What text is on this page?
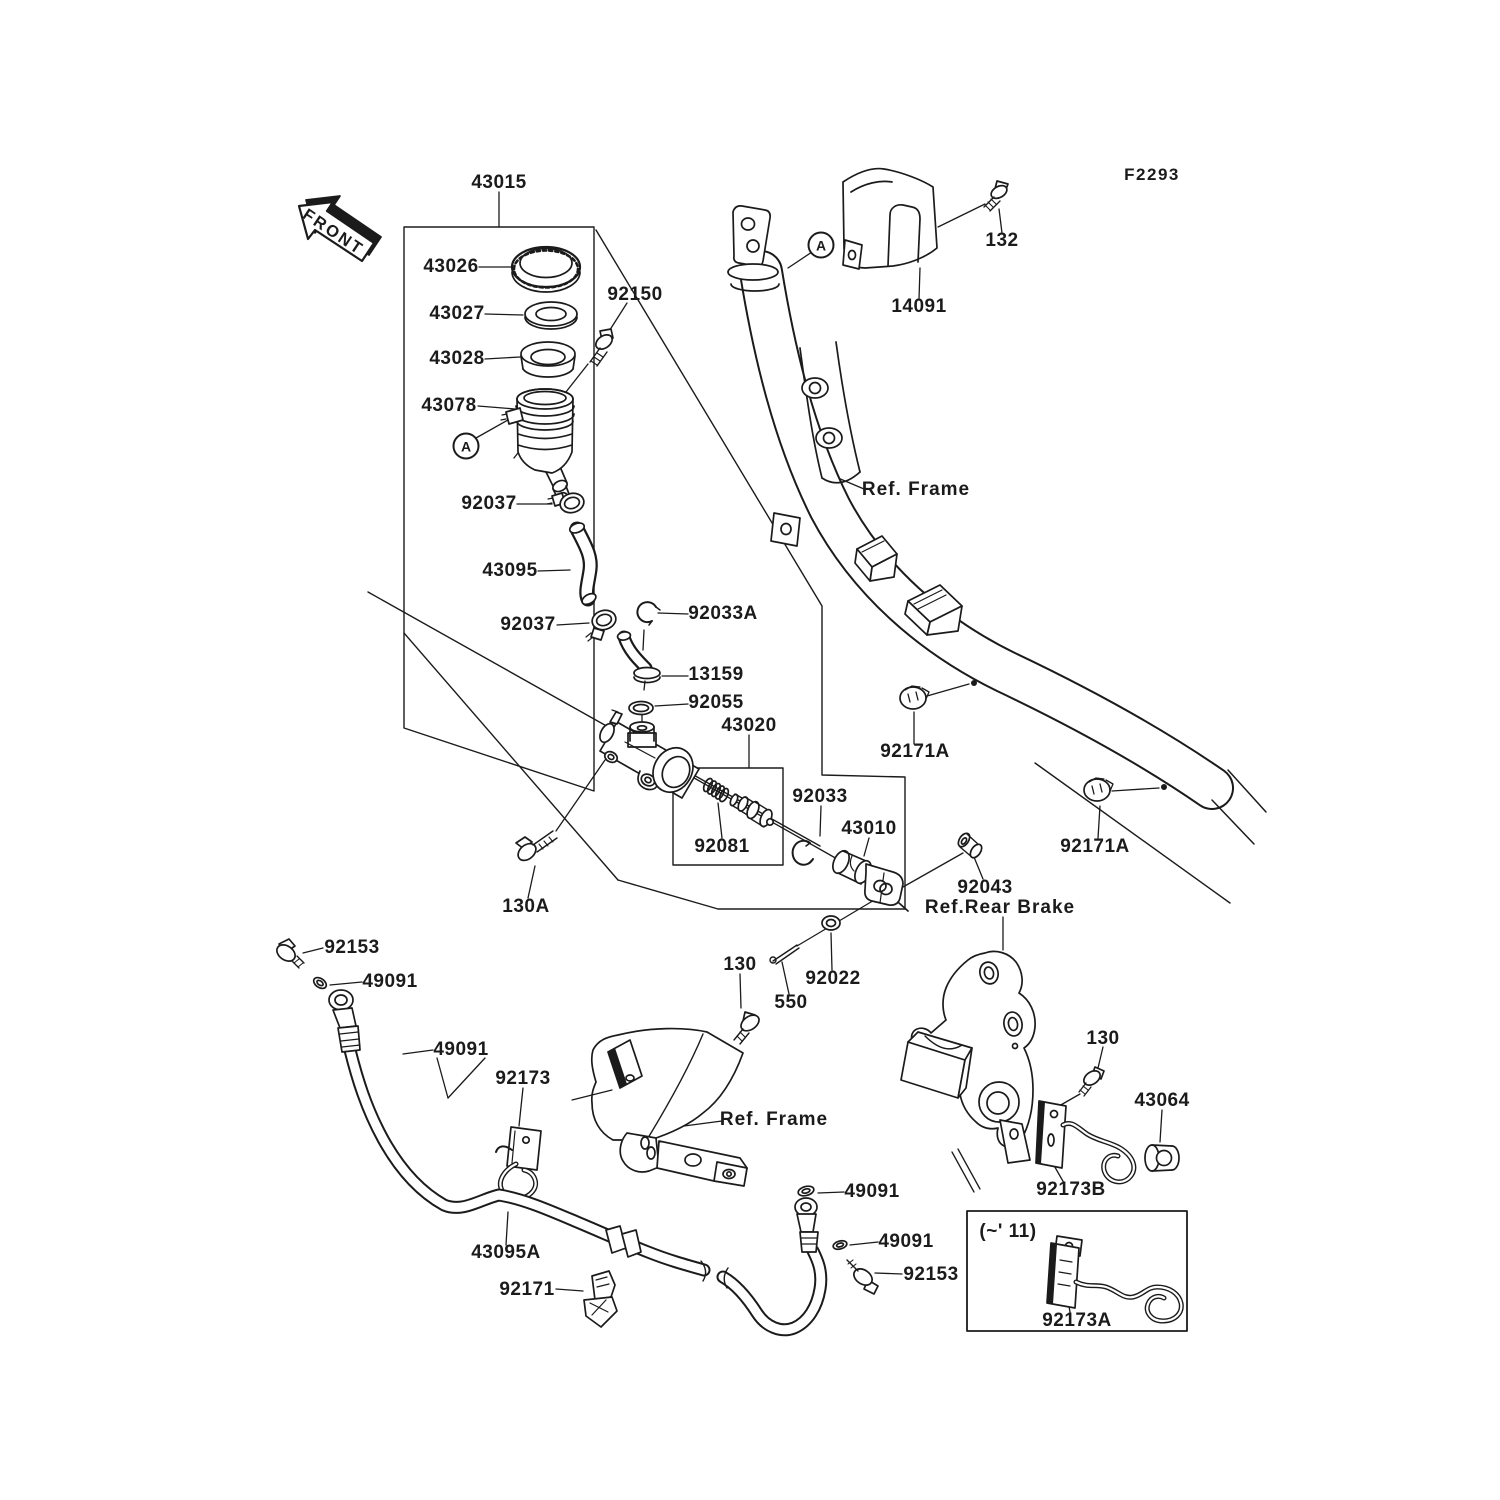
FRONT
43015
43026
43027
43028
43078
92150
92037
43095
92037
92033A
13159
92055
43020
92033
43010
92081
130A
14091
132
F2293
Ref. Frame
92171A
92171A
92043
Ref.Rear Brake
130
92022
550
92153
49091
49091
92173
Ref. Frame
130
43064
92173B
49091
49091
92153
43095A
92171
(~' 11)
92173A
A
A
